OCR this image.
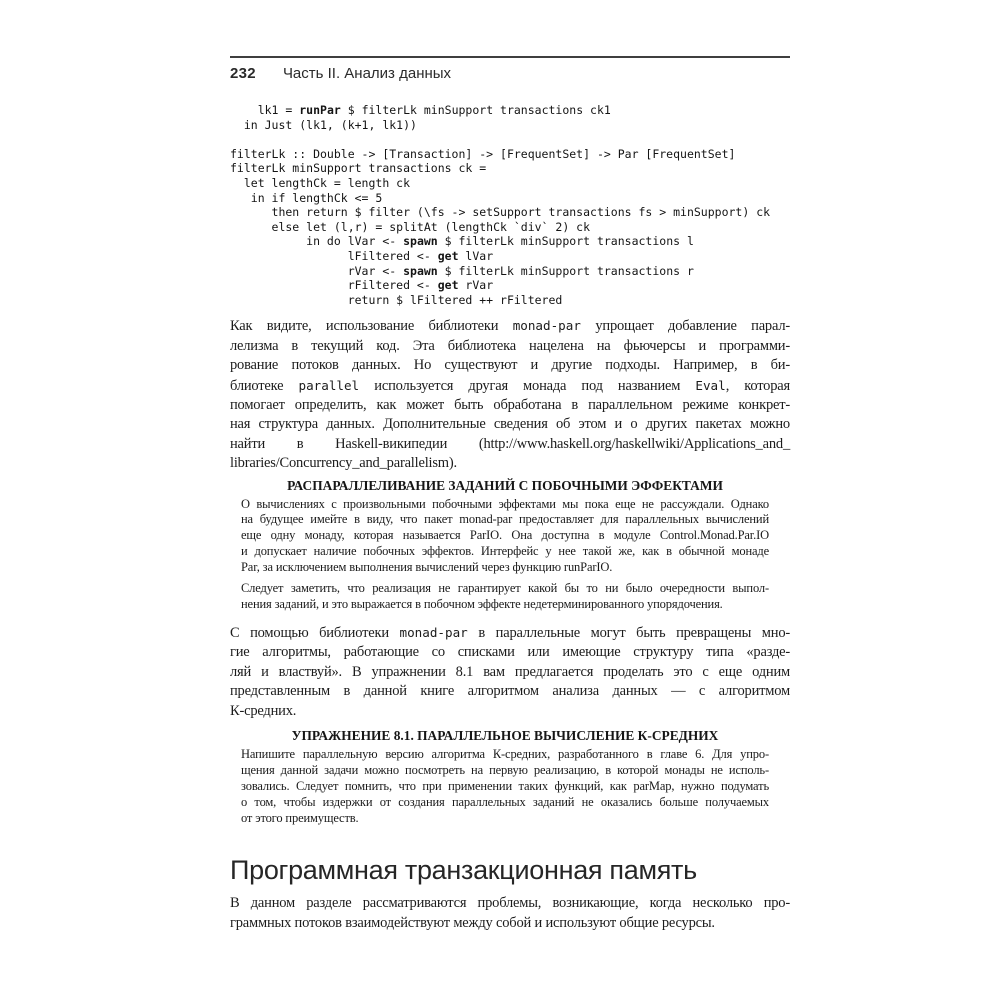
232 Часть II. Анализ данных
lk1 = runPar $ filterLk minSupport transactions ck1
in Just (lk1, (k+1, lk1))

filterLk :: Double -> [Transaction] -> [FrequentSet] -> Par [FrequentSet]
filterLk minSupport transactions ck =
let lengthCk = length ck
in if lengthCk <= 5
then return $ filter (\fs -> setSupport transactions fs > minSupport) ck
else let (l,r) = splitAt (lengthCk `div` 2) ck
in do lVar <- spawn $ filterLk minSupport transactions l
lFiltered <- get lVar
rVar <- spawn $ filterLk minSupport transactions r
rFiltered <- get rVar
return $ lFiltered ++ rFiltered
Как видите, использование библиотеки monad-par упрощает добавление парал-
лелизма в текущий код. Эта библиотека нацелена на фьючерсы и программи-
рование потоков данных. Но существуют и другие подходы. Например, в би-
блиотеке parallel используется другая монада под названием Eval, которая
помогает определить, как может быть обработана в параллельном режиме конкрет-
ная структура данных. Дополнительные сведения об этом и о других пакетах можно
найти в Haskell-википедии (http://www.haskell.org/haskellwiki/Applications_and_
libraries/Concurrency_and_parallelism).
РАСПАРАЛЛЕЛИВАНИЕ ЗАДАНИЙ С ПОБОЧНЫМИ ЭФФЕКТАМИ
О вычислениях с произвольными побочными эффектами мы пока еще не рассуждали. Однако
на будущее имейте в виду, что пакет monad-par предоставляет для параллельных вычислений
еще одну монаду, которая называется ParIO. Она доступна в модуле Control.Monad.Par.IO
и допускает наличие побочных эффектов. Интерфейс у нее такой же, как в обычной монаде
Par, за исключением выполнения вычислений через функцию runParIO.
Следует заметить, что реализация не гарантирует какой бы то ни было очередности выпол-
нения заданий, и это выражается в побочном эффекте недетерминированного упорядочения.
С помощью библиотеки monad-par в параллельные могут быть превращены мно-
гие алгоритмы, работающие со списками или имеющие структуру типа «разде-
ляй и властвуй». В упражнении 8.1 вам предлагается проделать это с еще одним
представленным в данной книге алгоритмом анализа данных — с алгоритмом
К-средних.
УПРАЖНЕНИЕ 8.1. ПАРАЛЛЕЛЬНОЕ ВЫЧИСЛЕНИЕ К-СРЕДНИХ
Напишите параллельную версию алгоритма К-средних, разработанного в главе 6. Для упро-
щения данной задачи можно посмотреть на первую реализацию, в которой монады не исполь-
зовались. Следует помнить, что при применении таких функций, как parMap, нужно подумать
о том, чтобы издержки от создания параллельных заданий не оказались больше получаемых
от этого преимуществ.
Программная транзакционная память
В данном разделе рассматриваются проблемы, возникающие, когда несколько про-
граммных потоков взаимодействуют между собой и используют общие ресурсы.
